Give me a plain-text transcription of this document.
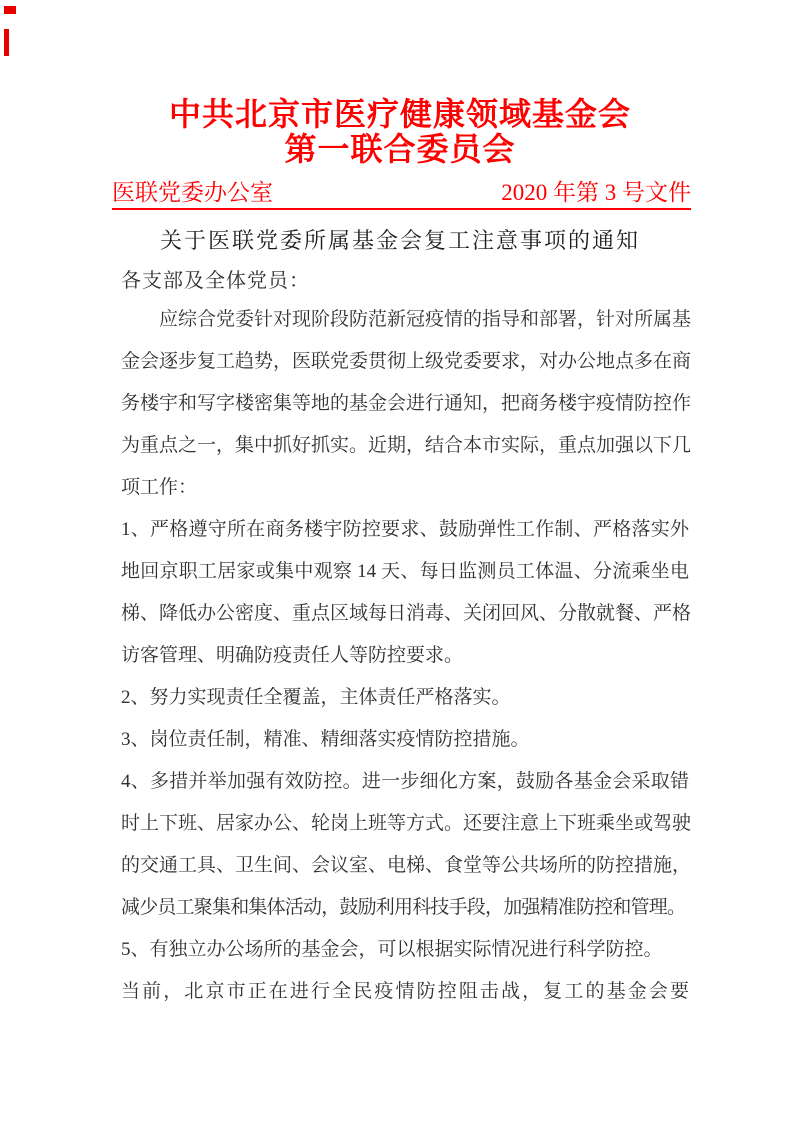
中共北京市医疗健康领域基金会
第一联合委员会
医联党委办公室	2020 年第 3 号文件
关于医联党委所属基金会复工注意事项的通知
各支部及全体党员：
应综合党委针对现阶段防范新冠疫情的指导和部署，针对所属基
金会逐步复工趋势，医联党委贯彻上级党委要求，对办公地点多在商
务楼宇和写字楼密集等地的基金会进行通知，把商务楼宇疫情防控作
为重点之一，集中抓好抓实。近期，结合本市实际，重点加强以下几
项工作：
1、严格遵守所在商务楼宇防控要求、鼓励弹性工作制、严格落实外
地回京职工居家或集中观察 14 天、每日监测员工体温、分流乘坐电
梯、降低办公密度、重点区域每日消毒、关闭回风、分散就餐、严格
访客管理、明确防疫责任人等防控要求。
2、努力实现责任全覆盖，主体责任严格落实。
3、岗位责任制，精准、精细落实疫情防控措施。
4、多措并举加强有效防控。进一步细化方案，鼓励各基金会采取错
时上下班、居家办公、轮岗上班等方式。还要注意上下班乘坐或驾驶
的交通工具、卫生间、会议室、电梯、食堂等公共场所的防控措施，
减少员工聚集和集体活动，鼓励利用科技手段，加强精准防控和管理。
5、有独立办公场所的基金会，可以根据实际情况进行科学防控。
当前，北京市正在进行全民疫情防控阻击战，复工的基金会要
